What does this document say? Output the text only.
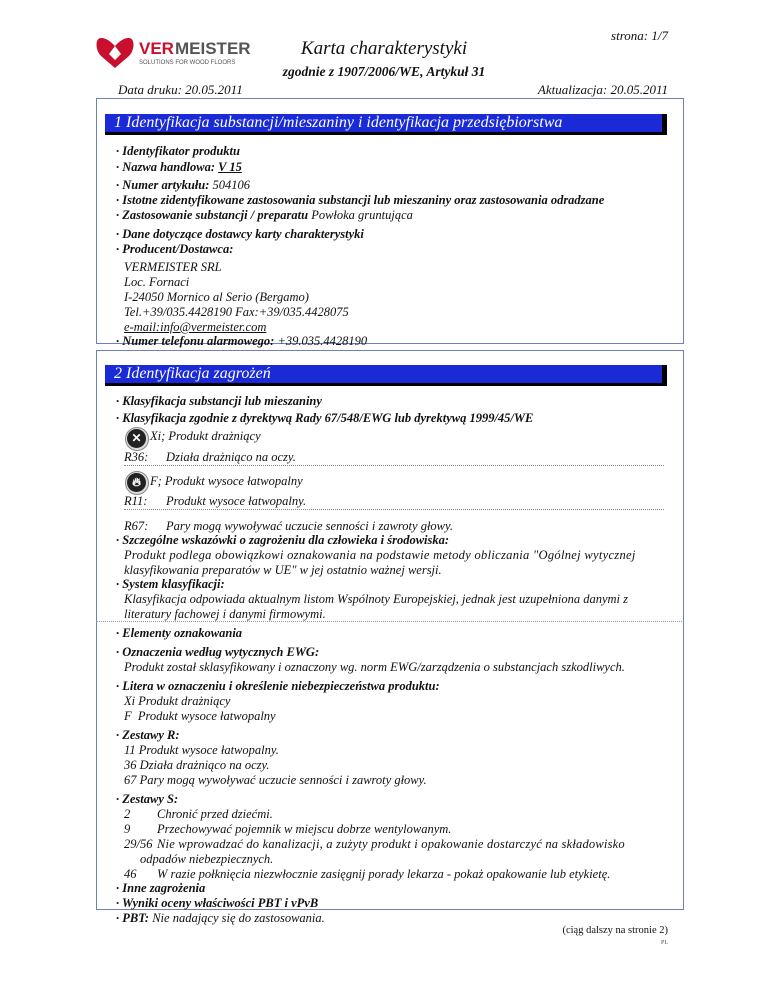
strona: 1/7
VER MEISTER
SOLUTIONS FOR WOOD FLOORS
Karta charakterystyki
zgodnie z 1907/2006/WE, Artykuł 31
Data druku: 20.05.2011	Aktualizacja: 20.05.2011
1 Identyfikacja substancji/mieszaniny i identyfikacja przedsiębiorstwa
· Identyfikator produktu
· Nazwa handlowa: V 15
· Numer artykułu: 504106
· Istotne zidentyfikowane zastosowania substancji lub mieszaniny oraz zastosowania odradzane
· Zastosowanie substancji / preparatu Powłoka gruntująca
· Dane dotyczące dostawcy karty charakterystyki
· Producent/Dostawca:
VERMEISTER SRL
Loc. Fornaci
I-24050 Mornico al Serio (Bergamo)
Tel.+39/035.4428190 Fax:+39/035.4428075
e-mail:info@vermeister.com
· Numer telefonu alarmowego: +39.035.4428190
2 Identyfikacja zagrożeń
· Klasyfikacja substancji lub mieszaniny
· Klasyfikacja zgodnie z dyrektywą Rady 67/548/EWG lub dyrektywą 1999/45/WE
✕ Xi; Produkt drażniący
R36: Działa drażniąco na oczy.
🔥︎ F; Produkt wysoce łatwopalny
R11: Produkt wysoce łatwopalny.
R67: Pary mogą wywoływać uczucie senności i zawroty głowy.
· Szczególne wskazówki o zagrożeniu dla człowieka i środowiska:
Produkt podlega obowiązkowi oznakowania na podstawie metody obliczania "Ogólnej wytycznej
klasyfikowania preparatów w UE" w jej ostatnio ważnej wersji.
· System klasyfikacji:
Klasyfikacja odpowiada aktualnym listom Wspólnoty Europejskiej, jednak jest uzupełniona danymi z
literatury fachowej i danymi firmowymi.
· Elementy oznakowania
· Oznaczenia według wytycznych EWG:
Produkt został sklasyfikowany i oznaczony wg. norm EWG/zarządzenia o substancjach szkodliwych.
· Litera w oznaczeniu i określenie niebezpieczeństwa produktu:
Xi Produkt drażniący
F  Produkt wysoce łatwopalny
· Zestawy R:
11 Produkt wysoce łatwopalny.
36 Działa drażniąco na oczy.
67 Pary mogą wywoływać uczucie senności i zawroty głowy.
· Zestawy S:
2 Chronić przed dziećmi.
9 Przechowywać pojemnik w miejscu dobrze wentylowanym.
29/56 Nie wprowadzać do kanalizacji, a zużyty produkt i opakowanie dostarczyć na składowisko
odpadów niebezpiecznych.
46 W razie połknięcia niezwłocznie zasięgnij porady lekarza - pokaż opakowanie lub etykietę.
· Inne zagrożenia
· Wyniki oceny właściwości PBT i vPvB
· PBT: Nie nadający się do zastosowania.
(ciąg dalszy na stronie 2)
PL
